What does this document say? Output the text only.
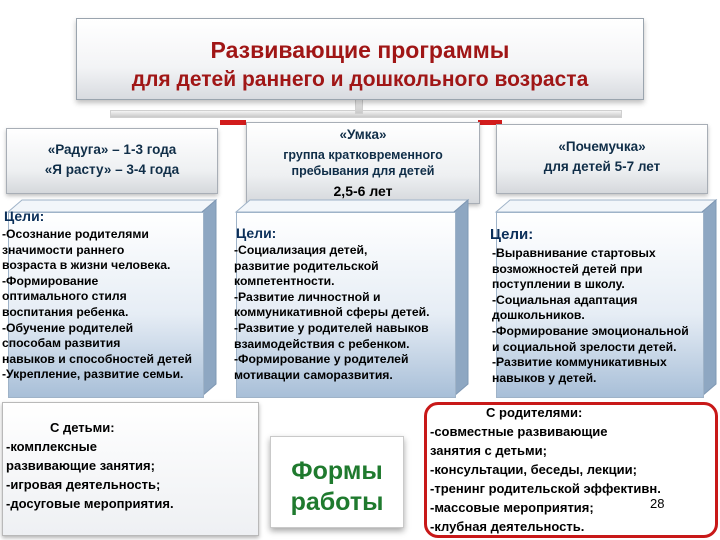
Развивающие программы
для детей раннего и дошкольного возраста
«Радуга» – 1-3 года
«Я расту» – 3-4 года
«Умка»
группа кратковременного
пребывания для детей
2,5-6 лет
«Почемучка»
для детей 5-7 лет
Цели:
-Осознание родителями
значимости раннего
возраста в жизни человека.
-Формирование
оптимального стиля
воспитания ребенка.
-Обучение родителей
способам развития
навыков и способностей детей
-Укрепление, развитие семьи.
Цели:
-Социализация детей,
развитие родительской
компетентности.
-Развитие личностной и
коммуникативной сферы детей.
-Развитие у родителей навыков
взаимодействия с ребенком.
-Формирование у родителей
мотивации саморазвития.
Цели:
-Выравнивание стартовых
возможностей детей при
поступлении в школу.
-Социальная адаптация
дошкольников.
-Формирование эмоциональной
и социальной зрелости детей.
-Развитие коммуникативных
навыков у детей.
С детьми:
-комплексные
развивающие занятия;
-игровая деятельность;
-досуговые мероприятия.
Формы
работы
С родителями:
-совместные развивающие
занятия с детьми;
-консультации, беседы, лекции;
-тренинг родительской эффективн.
-массовые мероприятия;
-клубная деятельность.
28
